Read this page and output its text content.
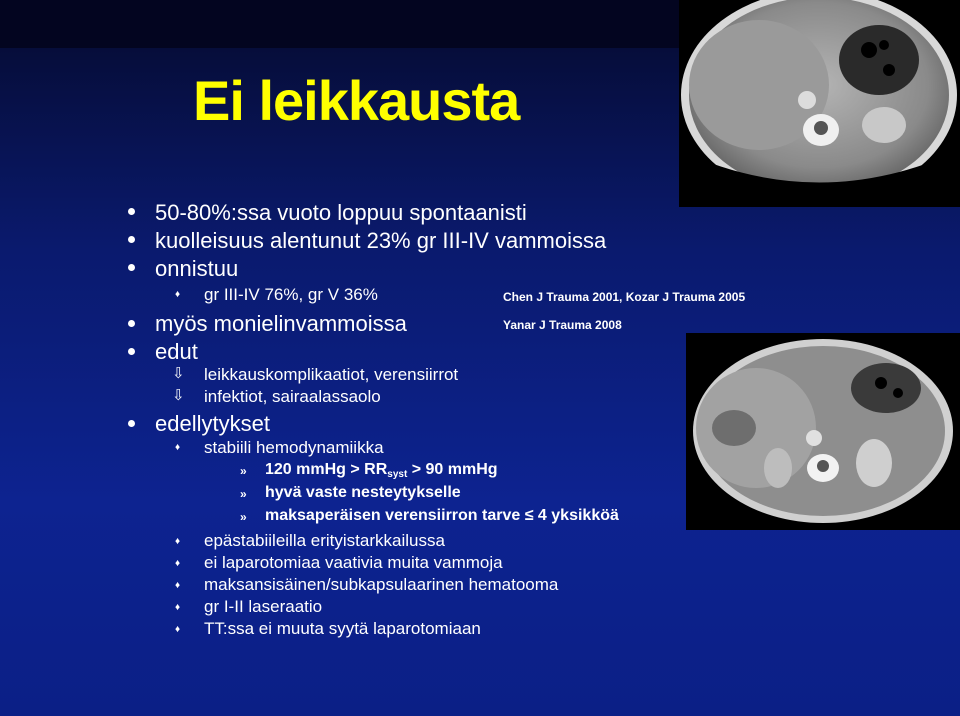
Ei leikkausta
50-80%:ssa vuoto loppuu spontaanisti
kuolleisuus alentunut 23% gr III-IV vammoissa
onnistuu
♦ gr III-IV 76%, gr V 36%	Chen J Trauma 2001, Kozar J Trauma 2005
myös monielinvammoissa	Yanar J Trauma 2008
edut
⇩ leikkauskomplikaatiot, verensiirrot
⇩ infektiot, sairaalassaolo
edellytykset
♦ stabiili hemodynamiikka
» 120 mmHg > $RR_{syst} > 90$ mmHg
» hyvä vaste nesteytykselle
» maksaperäisen verensiirron tarve ≤ 4 yksikköä
♦ epästabiileilla erityistarkkailussa
♦ ei laparotomiaa vaativia muita vammoja
♦ maksansisäinen/subkapsulaarinen hematooma
♦ gr I-II laseraatio
♦ TT:ssa ei muuta syytä laparotomiaan
